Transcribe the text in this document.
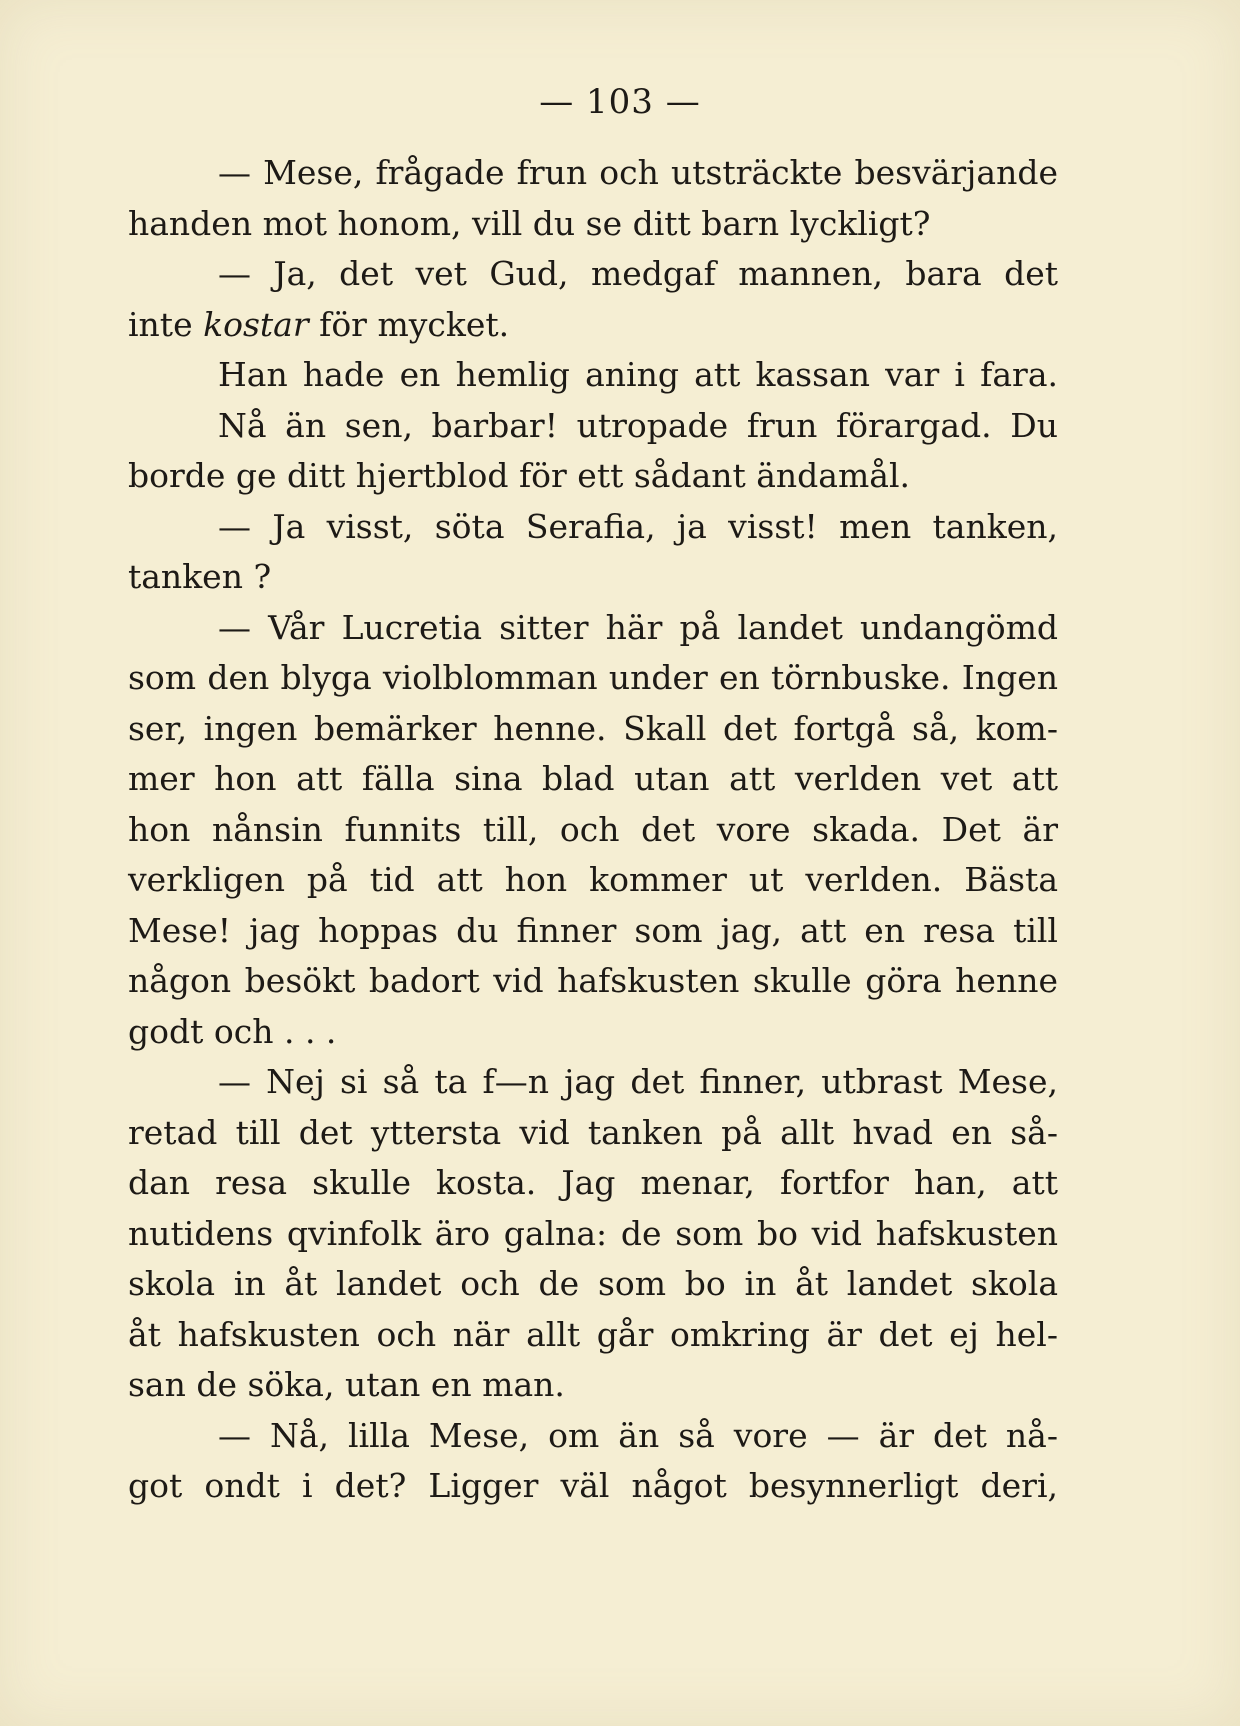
— 103 —
— Mese, frågade frun och utsträckte besvärjande
handen mot honom, vill du se ditt barn lyckligt?
— Ja, det vet Gud, medgaf mannen, bara det
inte kostar för mycket.
Han hade en hemlig aning att kassan var i fara.
Nå än sen, barbar! utropade frun förargad. Du
borde ge ditt hjertblod för ett sådant ändamål.
— Ja visst, söta Serafia, ja visst! men tanken,
tanken ?
— Vår Lucretia sitter här på landet undangömd
som den blyga violblomman under en törnbuske. Ingen
ser, ingen bemärker henne. Skall det fortgå så, kom-
mer hon att fälla sina blad utan att verlden vet att
hon nånsin funnits till, och det vore skada. Det är
verkligen på tid att hon kommer ut verlden. Bästa
Mese! jag hoppas du finner som jag, att en resa till
någon besökt badort vid hafskusten skulle göra henne
godt och . . .
— Nej si så ta f—n jag det finner, utbrast Mese,
retad till det yttersta vid tanken på allt hvad en så-
dan resa skulle kosta. Jag menar, fortfor han, att
nutidens qvinfolk äro galna: de som bo vid hafskusten
skola in åt landet och de som bo in åt landet skola
åt hafskusten och när allt går omkring är det ej hel-
san de söka, utan en man.
— Nå, lilla Mese, om än så vore — är det nå-
got ondt i det? Ligger väl något besynnerligt deri,
